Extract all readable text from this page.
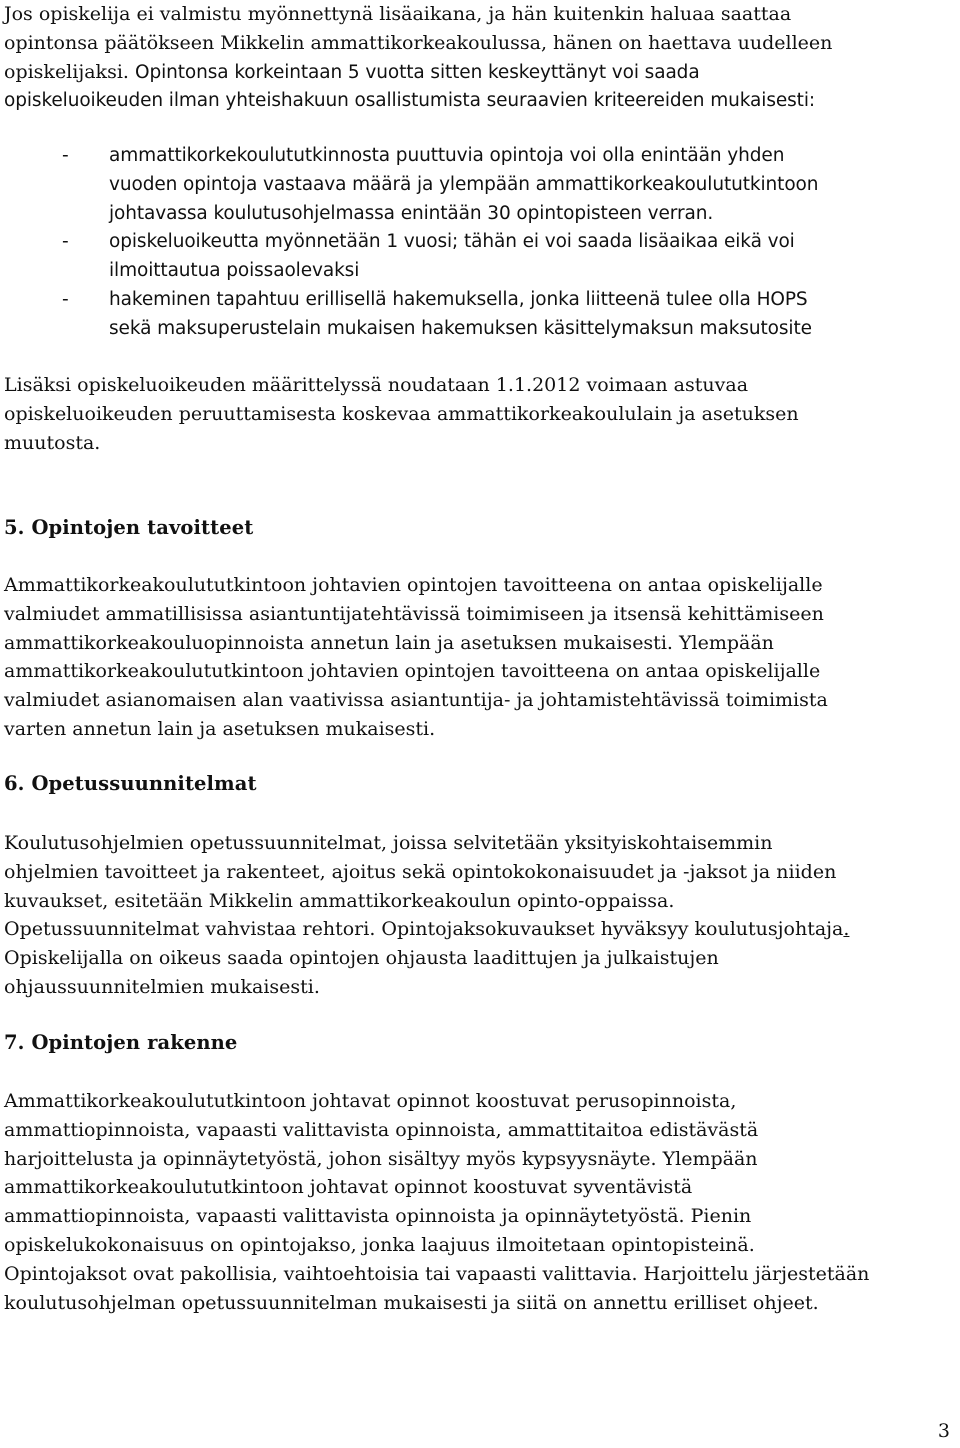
Jos opiskelija ei valmistu myönnettynä lisäaikana, ja hän kuitenkin haluaa saattaa
opintonsa päätökseen Mikkelin ammattikorkeakoulussa, hänen on haettava uudelleen
opiskelijaksi. Opintonsa korkeintaan 5 vuotta sitten keskeyttänyt voi saada
opiskeluoikeuden ilman yhteishakuun osallistumista seuraavien kriteereiden mukaisesti:
- ammattikorkekoulututkinnosta puuttuvia opintoja voi olla enintään yhden
vuoden opintoja vastaava määrä ja ylempään ammattikorkeakoulututkintoon
johtavassa koulutusohjelmassa enintään 30 opintopisteen verran.
- opiskeluoikeutta myönnetään 1 vuosi; tähän ei voi saada lisäaikaa eikä voi
ilmoittautua poissaolevaksi
- hakeminen tapahtuu erillisellä hakemuksella, jonka liitteenä tulee olla HOPS
sekä maksuperustelain mukaisen hakemuksen käsittelymaksun maksutosite
Lisäksi opiskeluoikeuden määrittelyssä noudataan 1.1.2012 voimaan astuvaa
opiskeluoikeuden peruuttamisesta koskevaa ammattikorkeakoululain ja asetuksen
muutosta.
5. Opintojen tavoitteet
Ammattikorkeakoulututkintoon johtavien opintojen tavoitteena on antaa opiskelijalle
valmiudet ammatillisissa asiantuntijatehtävissä toimimiseen ja itsensä kehittämiseen
ammattikorkeakouluopinnoista annetun lain ja asetuksen mukaisesti. Ylempään
ammattikorkeakoulututkintoon johtavien opintojen tavoitteena on antaa opiskelijalle
valmiudet asianomaisen alan vaativissa asiantuntija- ja johtamistehtävissä toimimista
varten annetun lain ja asetuksen mukaisesti.
6. Opetussuunnitelmat
Koulutusohjelmien opetussuunnitelmat, joissa selvitetään yksityiskohtaisemmin
ohjelmien tavoitteet ja rakenteet, ajoitus sekä opintokokonaisuudet ja -jaksot ja niiden
kuvaukset, esitetään Mikkelin ammattikorkeakoulun opinto-oppaissa.
Opetussuunnitelmat vahvistaa rehtori. Opintojaksokuvaukset hyväksyy koulutusjohtaja.
Opiskelijalla on oikeus saada opintojen ohjausta laadittujen ja julkaistujen
ohjaussuunnitelmien mukaisesti.
7. Opintojen rakenne
Ammattikorkeakoulututkintoon johtavat opinnot koostuvat perusopinnoista,
ammattiopinnoista, vapaasti valittavista opinnoista, ammattitaitoa edistävästä
harjoittelusta ja opinnäytetyöstä, johon sisältyy myös kypsyysnäyte. Ylempään
ammattikorkeakoulututkintoon johtavat opinnot koostuvat syventävistä
ammattiopinnoista, vapaasti valittavista opinnoista ja opinnäytetyöstä. Pienin
opiskelukokonaisuus on opintojakso, jonka laajuus ilmoitetaan opintopisteinä.
Opintojaksot ovat pakollisia, vaihtoehtoisia tai vapaasti valittavia. Harjoittelu järjestetään
koulutusohjelman opetussuunnitelman mukaisesti ja siitä on annettu erilliset ohjeet.
3
